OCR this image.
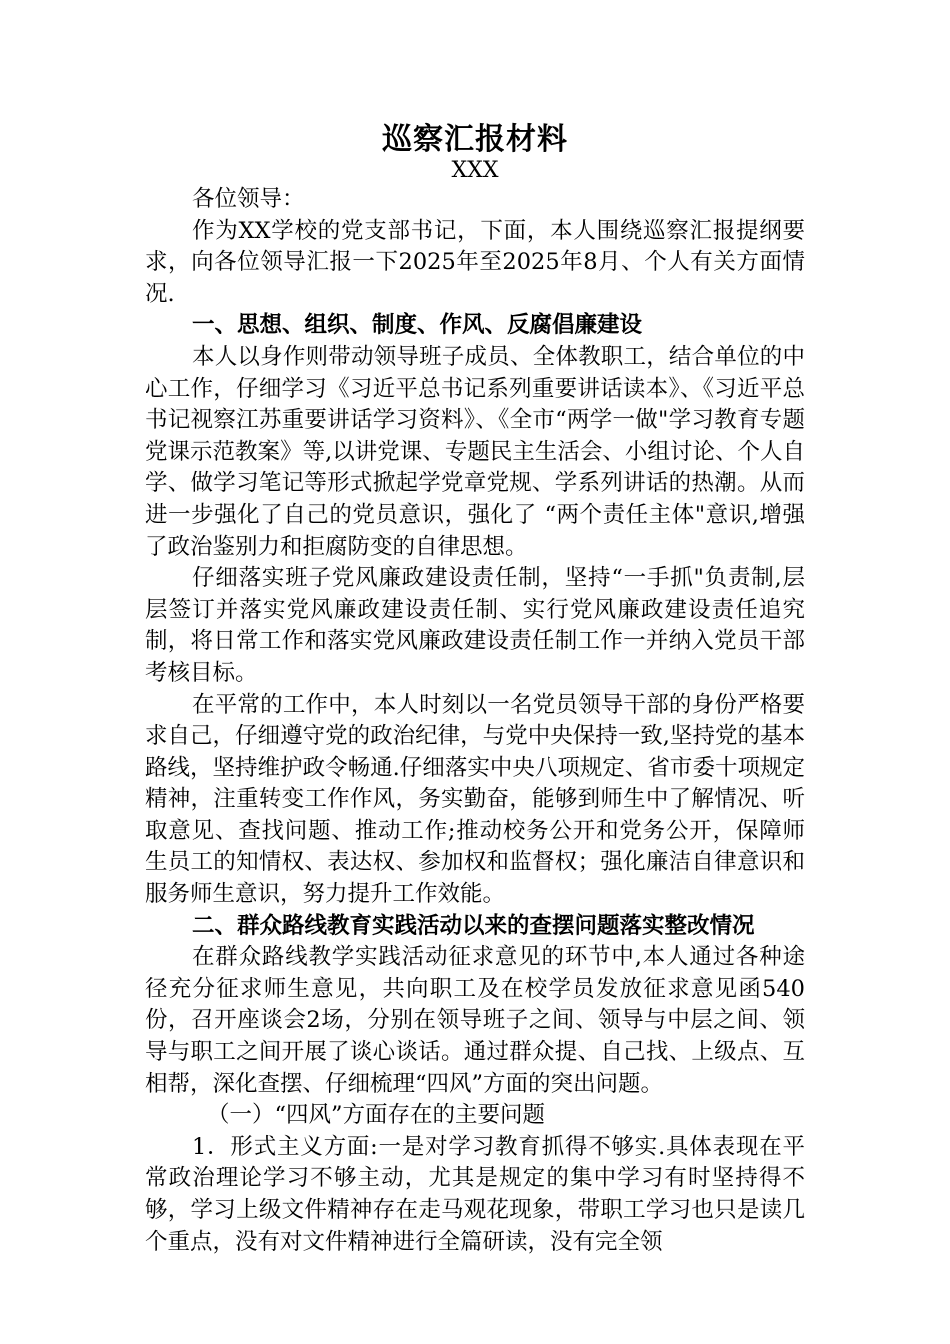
巡察汇报材料
XXX

各位领导：

作为XX学校的党支部书记，下面，本人围绕巡察汇报提纲要求，向各位领导汇报一下2025年至2025年8月、个人有关方面情况.

一、思想、组织、制度、作风、反腐倡廉建设

本人以身作则带动领导班子成员、全体教职工，结合单位的中心工作，仔细学习《习近平总书记系列重要讲话读本》、《习近平总书记视察江苏重要讲话学习资料》、《全市“两学一做"学习教育专题党课示范教案》等,以讲党课、专题民主生活会、小组讨论、个人自学、做学习笔记等形式掀起学党章党规、学系列讲话的热潮。从而进一步强化了自己的党员意识，强化了 “两个责任主体"意识,增强了政治鉴别力和拒腐防变的自律思想。

仔细落实班子党风廉政建设责任制，坚持“一手抓"负责制,层层签订并落实党风廉政建设责任制、实行党风廉政建设责任追究制，将日常工作和落实党风廉政建设责任制工作一并纳入党员干部考核目标。

在平常的工作中，本人时刻以一名党员领导干部的身份严格要求自己，仔细遵守党的政治纪律，与党中央保持一致,坚持党的基本路线，坚持维护政令畅通.仔细落实中央八项规定、省市委十项规定精神，注重转变工作作风，务实勤奋，能够到师生中了解情况、听取意见、查找问题、推动工作;推动校务公开和党务公开，保障师生员工的知情权、表达权、参加权和监督权；强化廉洁自律意识和服务师生意识，努力提升工作效能。

二、群众路线教育实践活动以来的查摆问题落实整改情况

在群众路线教学实践活动征求意见的环节中,本人通过各种途径充分征求师生意见，共向职工及在校学员发放征求意见函540份，召开座谈会2场，分别在领导班子之间、领导与中层之间、领导与职工之间开展了谈心谈话。通过群众提、自己找、上级点、互相帮，深化查摆、仔细梳理“四风”方面的突出问题。

（一）“四风”方面存在的主要问题

1．形式主义方面:一是对学习教育抓得不够实.具体表现在平常政治理论学习不够主动，尤其是规定的集中学习有时坚持得不够，学习上级文件精神存在走马观花现象，带职工学习也只是读几个重点，没有对文件精神进行全篇研读，没有完全领
